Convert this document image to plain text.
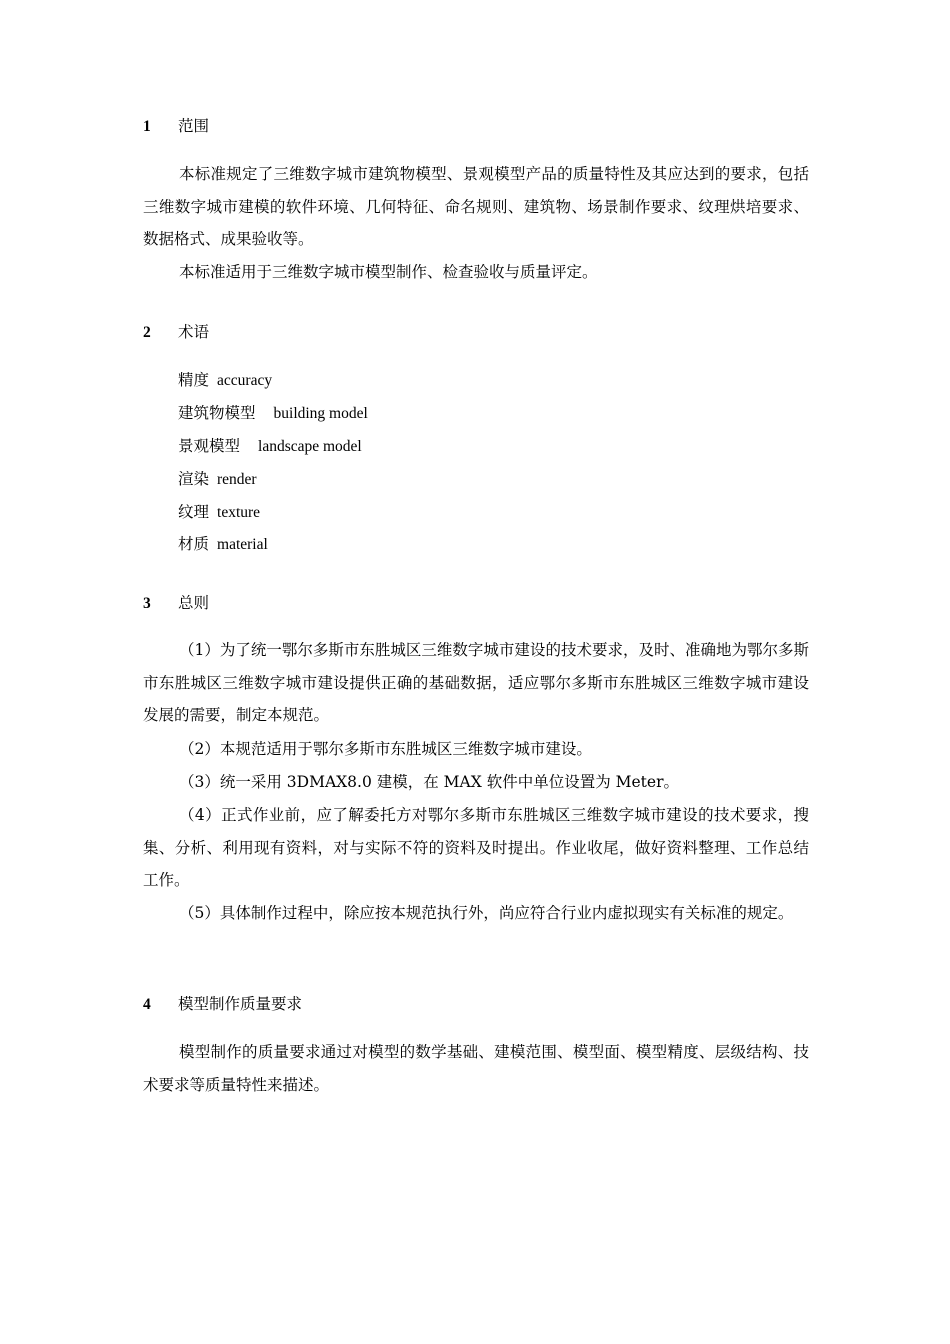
1 范围
本标准规定了三维数字城市建筑物模型、景观模型产品的质量特性及其应达到的要求，包括三维数字城市建模的软件环境、几何特征、命名规则、建筑物、场景制作要求、纹理烘培要求、数据格式、成果验收等。
本标准适用于三维数字城市模型制作、检查验收与质量评定。
2 术语
精度 accuracy
建筑物模型 building model
景观模型 landscape model
渲染 render
纹理 texture
材质 material
3 总则
（1）为了统一鄂尔多斯市东胜城区三维数字城市建设的技术要求，及时、准确地为鄂尔多斯市东胜城区三维数字城市建设提供正确的基础数据，适应鄂尔多斯市东胜城区三维数字城市建设发展的需要，制定本规范。
（2）本规范适用于鄂尔多斯市东胜城区三维数字城市建设。
（3）统一采用 3DMAX8.0 建模，在 MAX 软件中单位设置为 Meter。
（4）正式作业前，应了解委托方对鄂尔多斯市东胜城区三维数字城市建设的技术要求，搜集、分析、利用现有资料，对与实际不符的资料及时提出。作业收尾，做好资料整理、工作总结工作。
（5）具体制作过程中，除应按本规范执行外，尚应符合行业内虚拟现实有关标准的规定。
4 模型制作质量要求
模型制作的质量要求通过对模型的数学基础、建模范围、模型面、模型精度、层级结构、技术要求等质量特性来描述。
